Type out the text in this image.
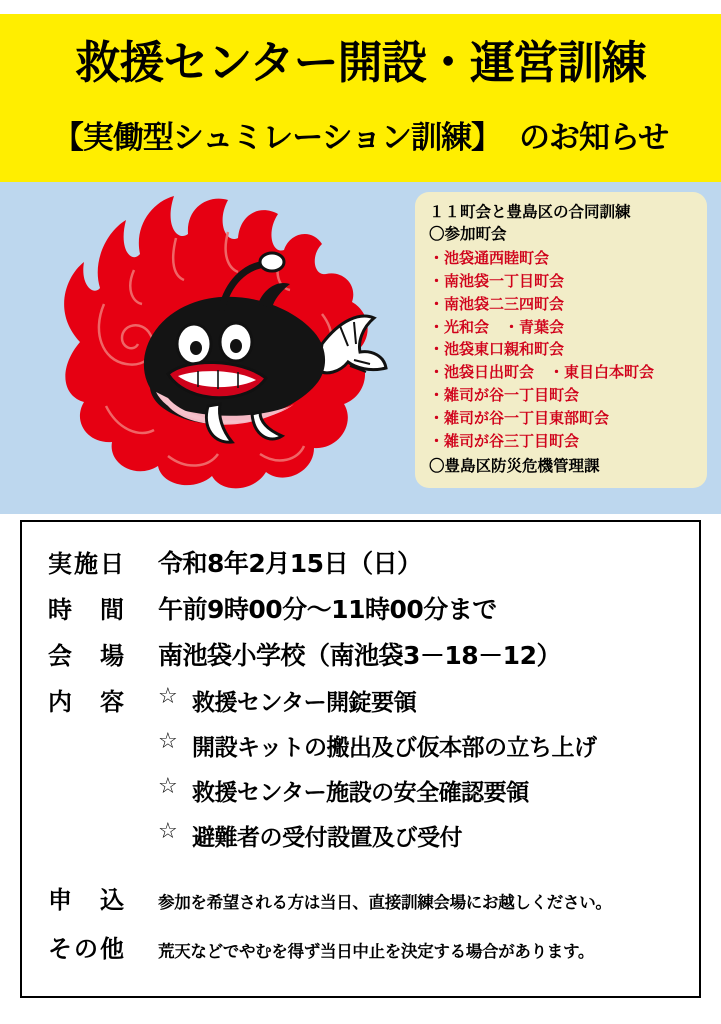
救援センター開設・運営訓練
【実働型シュミレーション訓練】 のお知らせ
１１町会と豊島区の合同訓練
〇参加町会
・池袋通西睦町会
・南池袋一丁目町会
・南池袋二三四町会
・光和会　・青葉会
・池袋東口親和町会
・池袋日出町会　・東目白本町会
・雑司が谷一丁目町会
・雑司が谷一丁目東部町会
・雑司が谷三丁目町会
〇豊島区防災危機管理課
実施日	令和8年2月15日（日）
時　間	午前9時00分〜11時00分まで
会　場	南池袋小学校（南池袋3－18－12）
内　容	☆ 救援センター開錠要領
☆ 開設キットの搬出及び仮本部の立ち上げ
☆ 救援センター施設の安全確認要領
☆ 避難者の受付設置及び受付
申　込	参加を希望される方は当日、直接訓練会場にお越しください。
その他	荒天などでやむを得ず当日中止を決定する場合があります。
